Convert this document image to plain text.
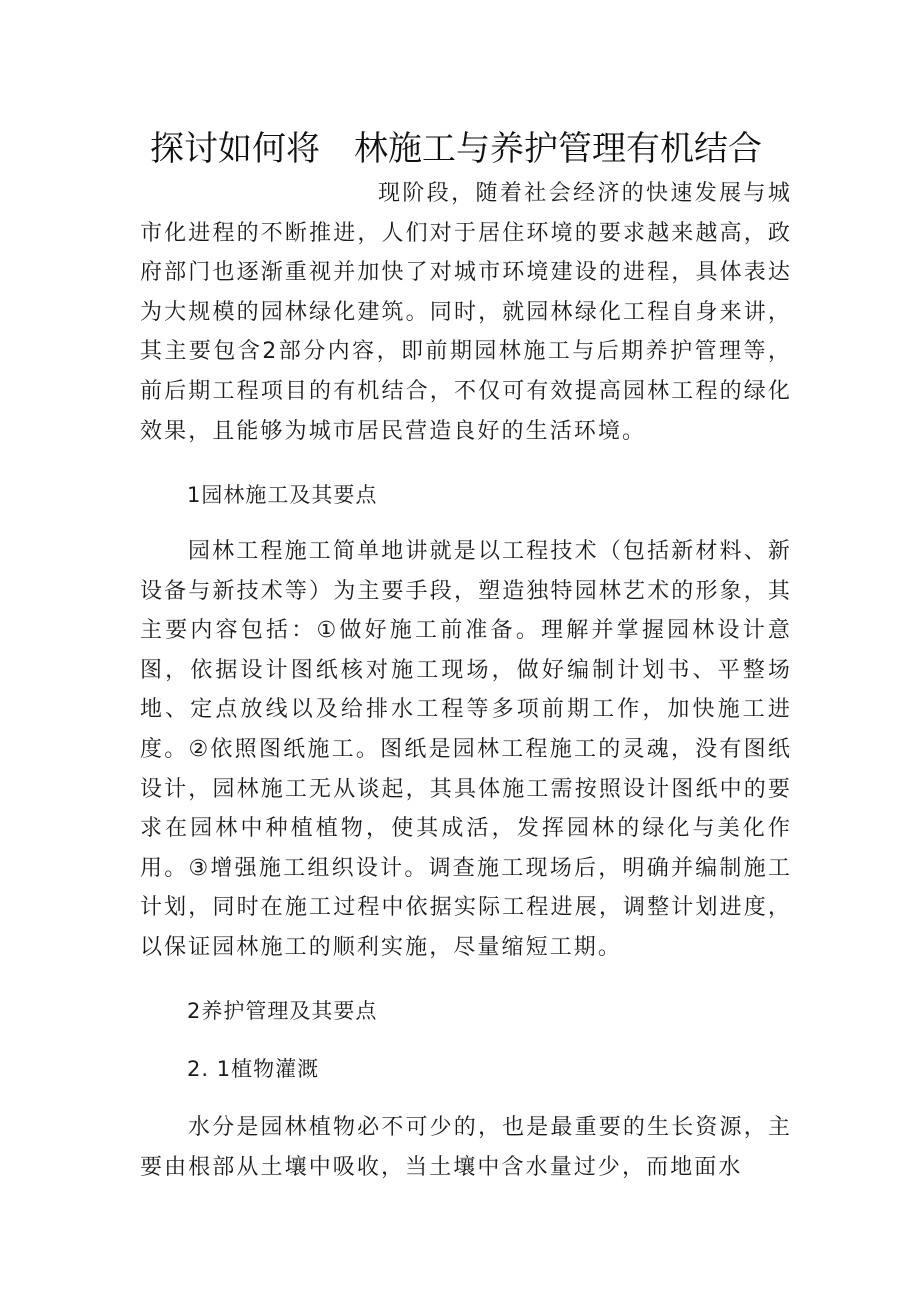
探讨如何将 林施工与养护管理有机结合
现阶段，随着社会经济的快速发展与城市化进程的不断推进，人们对于居住环境的要求越来越高，政府部门也逐渐重视并加快了对城市环境建设的进程，具体表达为大规模的园林绿化建筑。同时，就园林绿化工程自身来讲，其主要包含2部分内容，即前期园林施工与后期养护管理等，前后期工程项目的有机结合，不仅可有效提高园林工程的绿化效果，且能够为城市居民营造良好的生活环境。
1园林施工及其要点
园林工程施工简单地讲就是以工程技术（包括新材料、新设备与新技术等）为主要手段，塑造独特园林艺术的形象，其主要内容包括：①做好施工前准备。理解并掌握园林设计意图，依据设计图纸核对施工现场，做好编制计划书、平整场地、定点放线以及给排水工程等多项前期工作，加快施工进度。②依照图纸施工。图纸是园林工程施工的灵魂，没有图纸设计，园林施工无从谈起，其具体施工需按照设计图纸中的要求在园林中种植植物，使其成活，发挥园林的绿化与美化作用。③增强施工组织设计。调查施工现场后，明确并编制施工计划，同时在施工过程中依据实际工程进展，调整计划进度，以保证园林施工的顺利实施，尽量缩短工期。
2养护管理及其要点
2. 1植物灌溉
水分是园林植物必不可少的，也是最重要的生长资源，主要由根部从土壤中吸收，当土壤中含水量过少，而地面水
